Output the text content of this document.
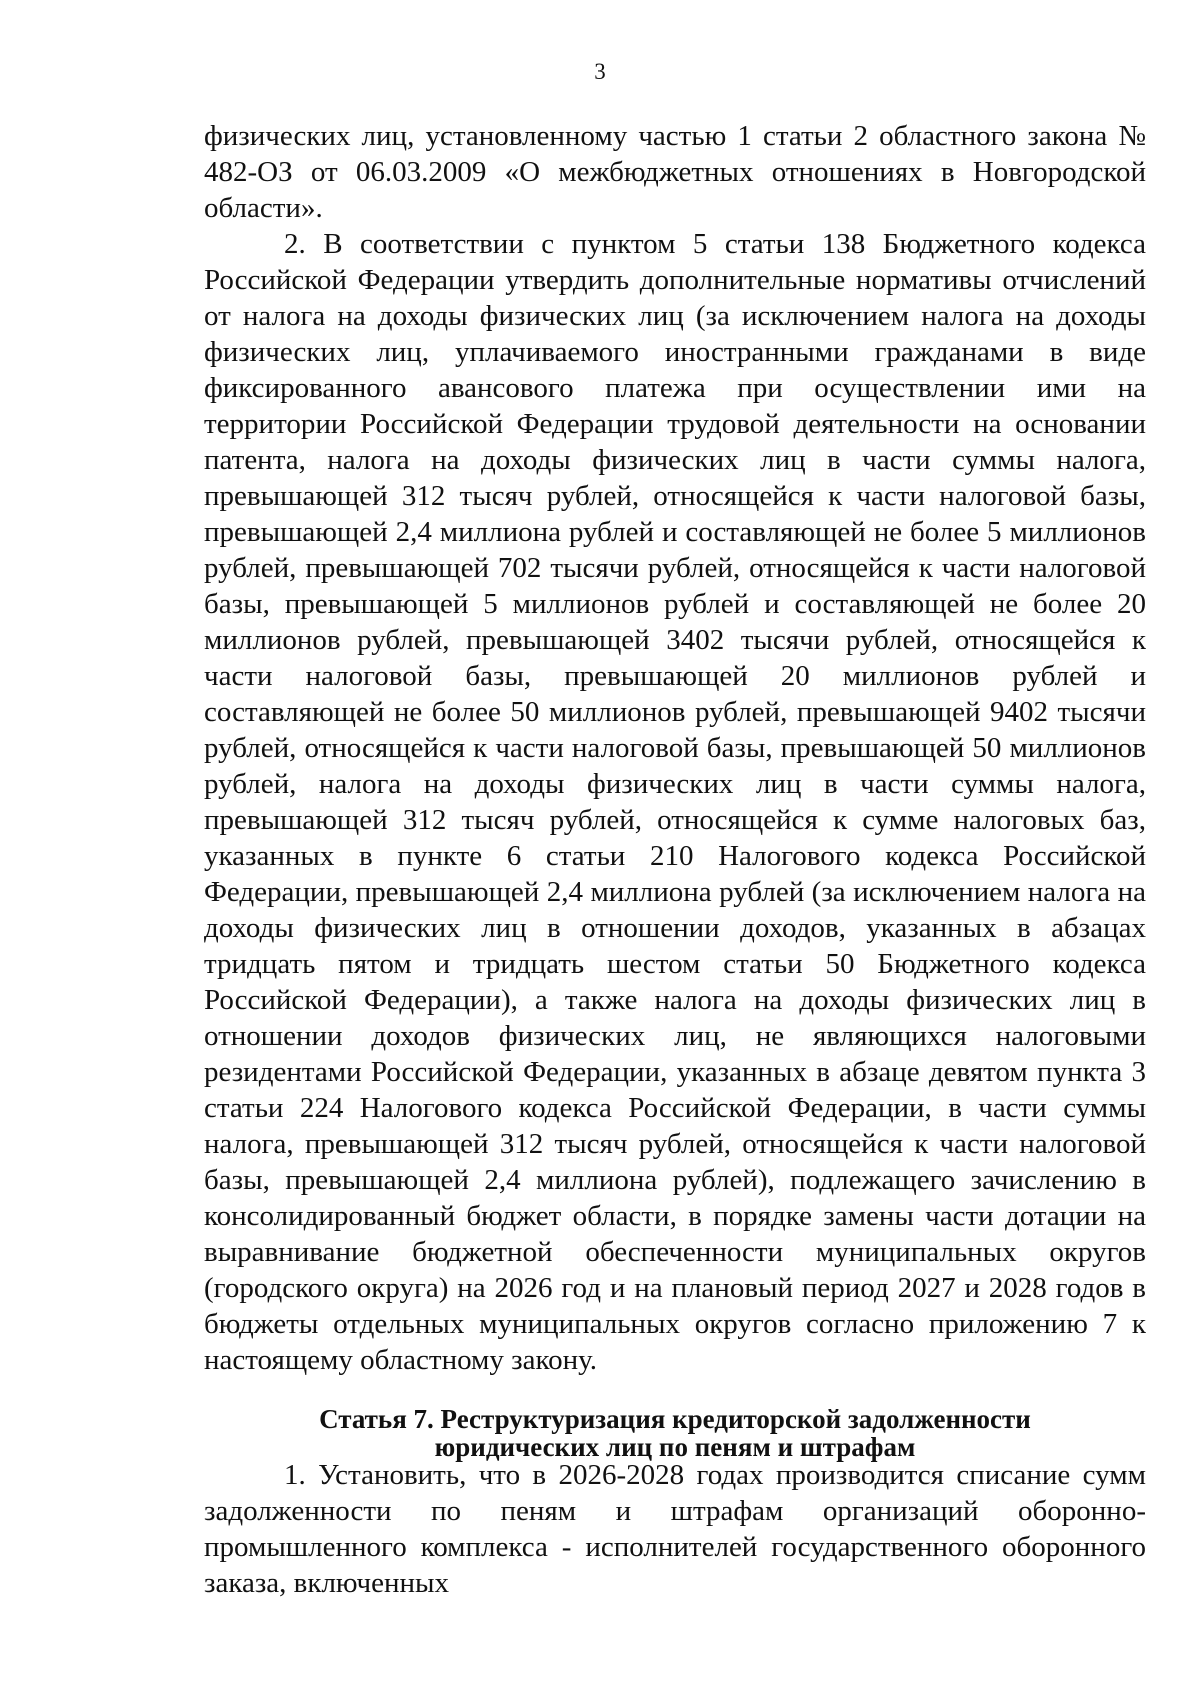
3

физических лиц, установленному частью 1 статьи 2 областного закона № 482-ОЗ от 06.03.2009 «О межбюджетных отношениях в Новгородской области».

2. В соответствии с пунктом 5 статьи 138 Бюджетного кодекса Российской Федерации утвердить дополнительные нормативы отчислений от налога на доходы физических лиц (за исключением налога на доходы физических лиц, уплачиваемого иностранными гражданами в виде фиксированного авансового платежа при осуществлении ими на территории Российской Федерации трудовой деятельности на основании патента, налога на доходы физических лиц в части суммы налога, превышающей 312 тысяч рублей, относящейся к части налоговой базы, превышающей 2,4 миллиона рублей и составляющей не более 5 миллионов рублей, превышающей 702 тысячи рублей, относящейся к части налоговой базы, превышающей 5 миллионов рублей и составляющей не более 20 миллионов рублей, превышающей 3402 тысячи рублей, относящейся к части налоговой базы, превышающей 20 миллионов рублей и составляющей не более 50 миллионов рублей, превышающей 9402 тысячи рублей, относящейся к части налоговой базы, превышающей 50 миллионов рублей, налога на доходы физических лиц в части суммы налога, превышающей 312 тысяч рублей, относящейся к сумме налоговых баз, указанных в пункте 6 статьи 210 Налогового кодекса Российской Федерации, превышающей 2,4 миллиона рублей (за исключением налога на доходы физических лиц в отношении доходов, указанных в абзацах тридцать пятом и тридцать шестом статьи 50 Бюджетного кодекса Российской Федерации), а также налога на доходы физических лиц в отношении доходов физических лиц, не являющихся налоговыми резидентами Российской Федерации, указанных в абзаце девятом пункта 3 статьи 224 Налогового кодекса Российской Федерации, в части суммы налога, превышающей 312 тысяч рублей, относящейся к части налоговой базы, превышающей 2,4 миллиона рублей), подлежащего зачислению в консолидированный бюджет области, в порядке замены части дотации на выравнивание бюджетной обеспеченности муниципальных округов (городского округа) на 2026 год и на плановый период 2027 и 2028 годов в бюджеты отдельных муниципальных округов согласно приложению 7 к настоящему областному закону.

Статья 7. Реструктуризация кредиторской задолженности
юридических лиц по пеням и штрафам

1. Установить, что в 2026-2028 годах производится списание сумм задолженности по пеням и штрафам организаций оборонно-промышленного комплекса - исполнителей государственного оборонного заказа, включенных
